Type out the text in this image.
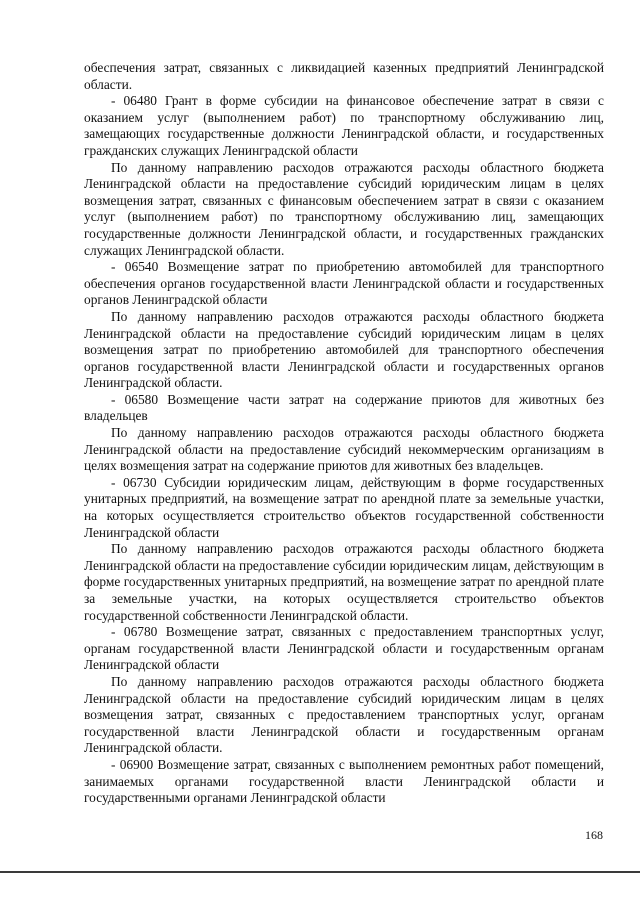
обеспечения затрат, связанных с ликвидацией казенных предприятий Ленинградской области.

- 06480 Грант в форме субсидии на финансовое обеспечение затрат в связи с оказанием услуг (выполнением работ) по транспортному обслуживанию лиц, замещающих государственные должности Ленинградской области, и государственных гражданских служащих Ленинградской области

По данному направлению расходов отражаются расходы областного бюджета Ленинградской области на предоставление субсидий юридическим лицам в целях возмещения затрат, связанных с финансовым обеспечением затрат в связи с оказанием услуг (выполнением работ) по транспортному обслуживанию лиц, замещающих государственные должности Ленинградской области, и государственных гражданских служащих Ленинградской области.

- 06540 Возмещение затрат по приобретению автомобилей для транспортного обеспечения органов государственной власти Ленинградской области и государственных органов Ленинградской области

По данному направлению расходов отражаются расходы областного бюджета Ленинградской области на предоставление субсидий юридическим лицам в целях возмещения затрат по приобретению автомобилей для транспортного обеспечения органов государственной власти Ленинградской области и государственных органов Ленинградской области.

- 06580 Возмещение части затрат на содержание приютов для животных без владельцев

По данному направлению расходов отражаются расходы областного бюджета Ленинградской области на предоставление субсидий некоммерческим организациям в целях возмещения затрат на содержание приютов для животных без владельцев.

- 06730 Субсидии юридическим лицам, действующим в форме государственных унитарных предприятий, на возмещение затрат по арендной плате за земельные участки, на которых осуществляется строительство объектов государственной собственности Ленинградской области

По данному направлению расходов отражаются расходы областного бюджета Ленинградской области на предоставление субсидии юридическим лицам, действующим в форме государственных унитарных предприятий, на возмещение затрат по арендной плате за земельные участки, на которых осуществляется строительство объектов государственной собственности Ленинградской области.

- 06780 Возмещение затрат, связанных с предоставлением транспортных услуг, органам государственной власти Ленинградской области и государственным органам Ленинградской области

По данному направлению расходов отражаются расходы областного бюджета Ленинградской области на предоставление субсидий юридическим лицам в целях возмещения затрат, связанных с предоставлением транспортных услуг, органам государственной власти Ленинградской области и государственным органам Ленинградской области.

- 06900 Возмещение затрат, связанных с выполнением ремонтных работ помещений, занимаемых органами государственной власти Ленинградской области и государственными органами Ленинградской области

168
